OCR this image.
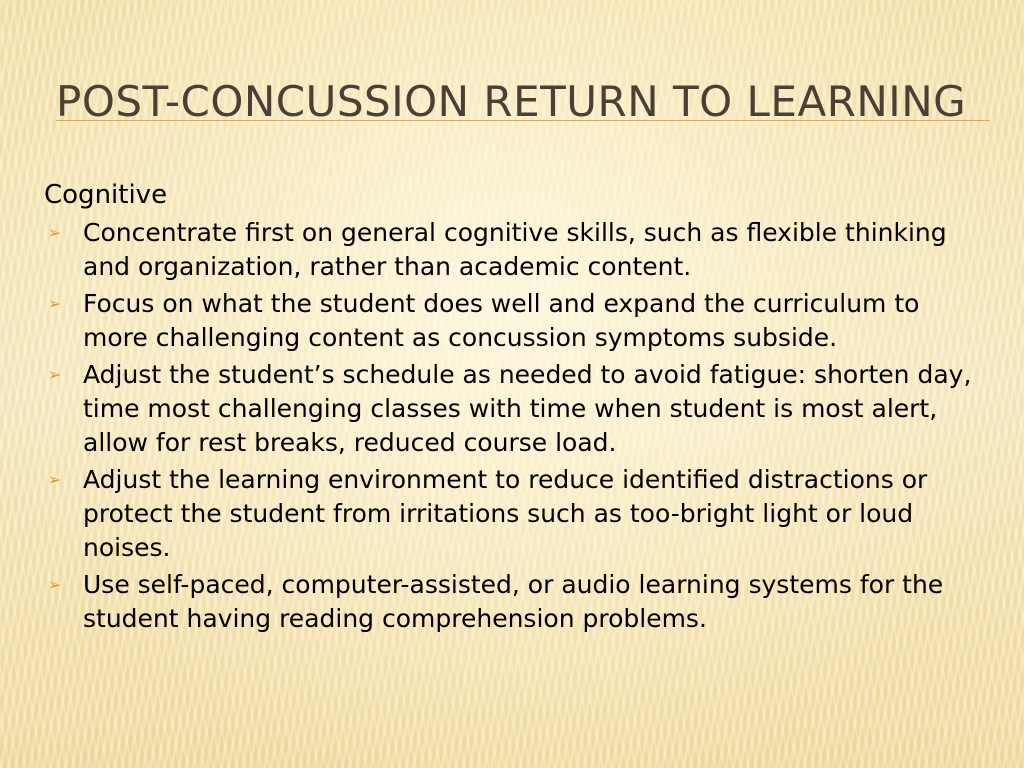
POST-CONCUSSION RETURN TO LEARNING
Cognitive
➢ Concentrate first on general cognitive skills, such as flexible thinking and organization, rather than academic content.
➢ Focus on what the student does well and expand the curriculum to more challenging content as concussion symptoms subside.
➢ Adjust the student’s schedule as needed to avoid fatigue: shorten day, time most challenging classes with time when student is most alert, allow for rest breaks, reduced course load.
➢ Adjust the learning environment to reduce identified distractions or protect the student from irritations such as too-bright light or loud noises.
➢ Use self-paced, computer-assisted, or audio learning systems for the student having reading comprehension problems.
